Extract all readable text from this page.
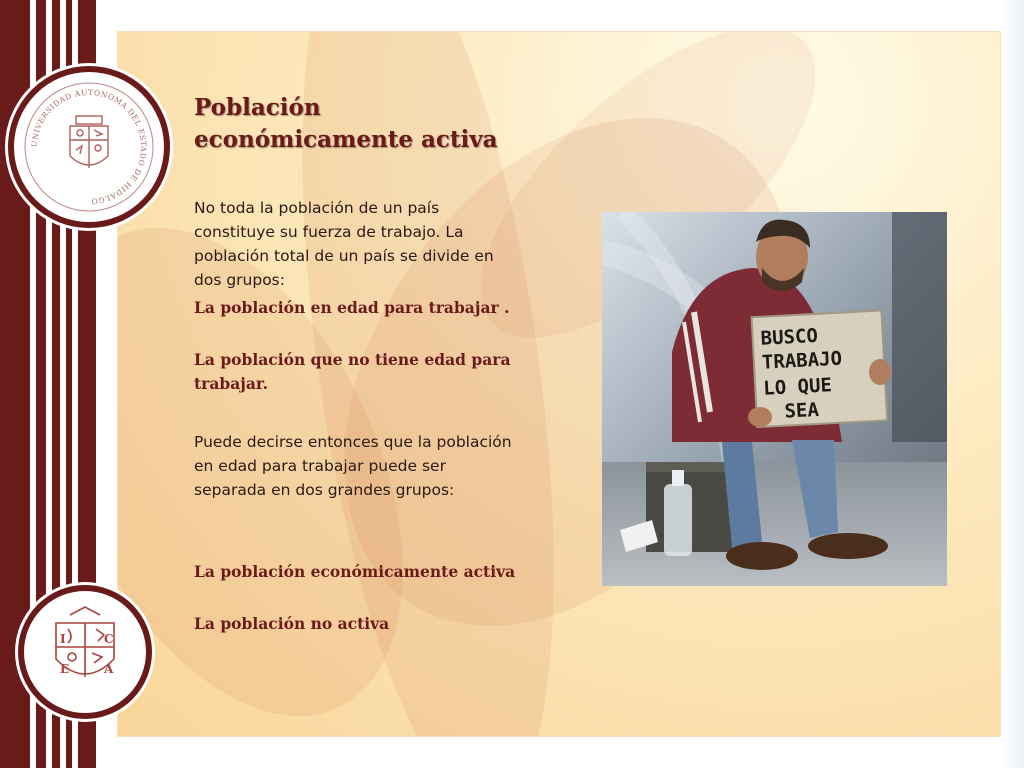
UNIVERSIDAD AUTÓNOMA DEL ESTADO DE HIDALGO
I	C
E	A
Población
económicamente activa
No toda la población de un país constituye su fuerza de trabajo. La población total de un país se divide en dos grupos:
La población en edad para trabajar .
La población que no tiene edad para trabajar.
Puede decirse entonces que la población en edad para trabajar puede ser separada en dos grandes grupos:
La población económicamente activa
La población no activa
BUSCO
TRABAJO
LO QUE
SEA
